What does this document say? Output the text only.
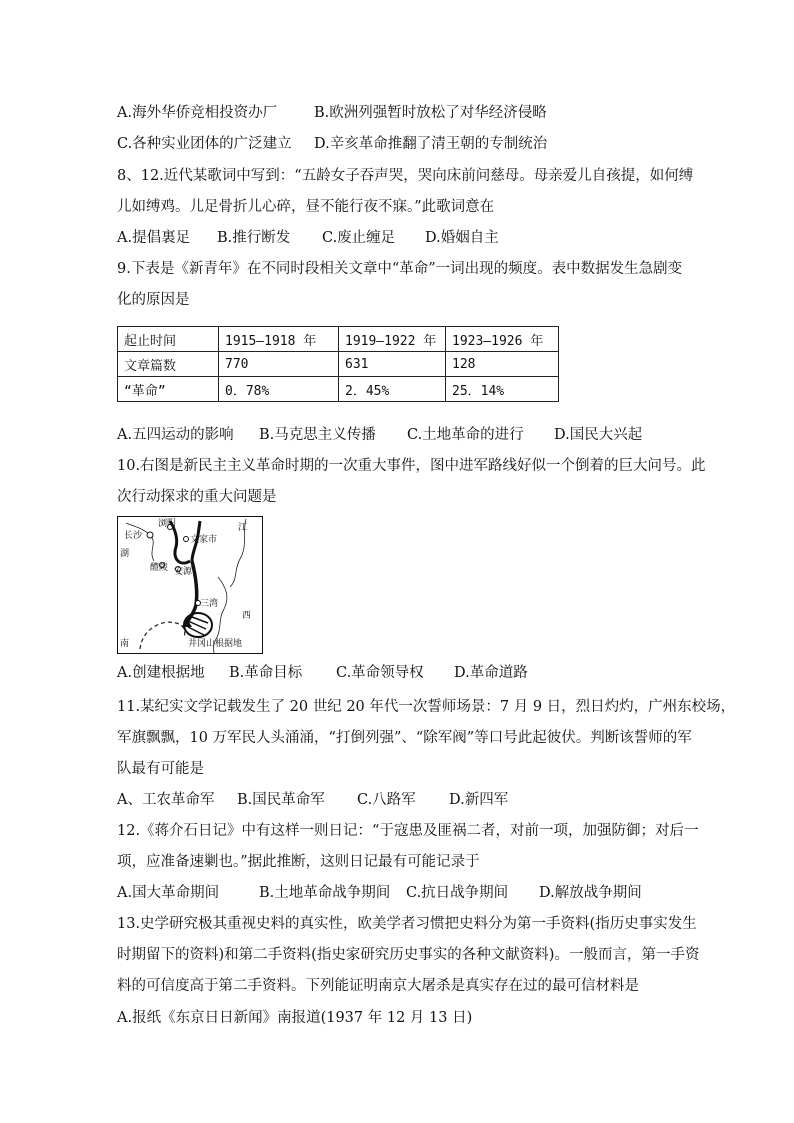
A.海外华侨竞相投资办厂	B.欧洲列强暂时放松了对华经济侵略
C.各种实业团体的广泛建立 D.辛亥革命推翻了清王朝的专制统治
8、12.近代某歌词中写到：“五龄女子吞声哭，哭向床前问慈母。母亲爱儿自孩提，如何缚
儿如缚鸡。儿足骨折儿心碎，昼不能行夜不寐。”此歌词意在
A.提倡裏足 B.推行断发 C.废止缠足 D.婚姻自主
9.下表是《新青年》在不同时段相关文章中“革命”一词出现的频度。表中数据发生急剧变
化的原因是
起止时间	1915—1918 年	1919—1922 年	1923—1926 年
文章篇数	770	631	128
“革命”	0．78%	2．45%	25．14%
A.五四运动的影响 B.马克思主义传播 C.土地革命的进行 D.国民大兴起
10.右图是新民主主义革命时期的一次重大事件，图中进军路线好似一个倒着的巨大问号。此
次行动探求的重大问题是
长沙
浏阳	江
文家市
湖
醴陵 安源
三湾
西
南	井冈山根据地
A.创建根据地 B.革命目标 C.革命领导权 D.革命道路
11.某纪实文学记载发生了 20 世纪 20 年代一次誓师场景：7 月 9 日，烈日灼灼，广州东校场，
军旗飘飘，10 万军民人头涌涌，“打倒列强”、“除军阀”等口号此起彼伏。判断该誓师的军
队最有可能是
A、工农革命军 B.国民革命军 C.八路军 D.新四军
12.《蒋介石日记》中有这样一则日记：“于寇患及匪祸二者，对前一项，加强防御；对后一
项，应准备速剿也。”据此推断，这则日记最有可能记录于
A.国大革命期间	B.土地革命战争期间 C.抗日战争期间 D.解放战争期间
13.史学研究极其重视史料的真实性，欧美学者习惯把史料分为第一手资料(指历史事实发生
时期留下的资料)和第二手资料(指史家研究历史事实的各种文献资料)。一般而言，第一手资
料的可信度高于第二手资料。下列能证明南京大屠杀是真实存在过的最可信材料是
A.报纸《东京日日新闻》南报道(1937 年 12 月 13 日)
